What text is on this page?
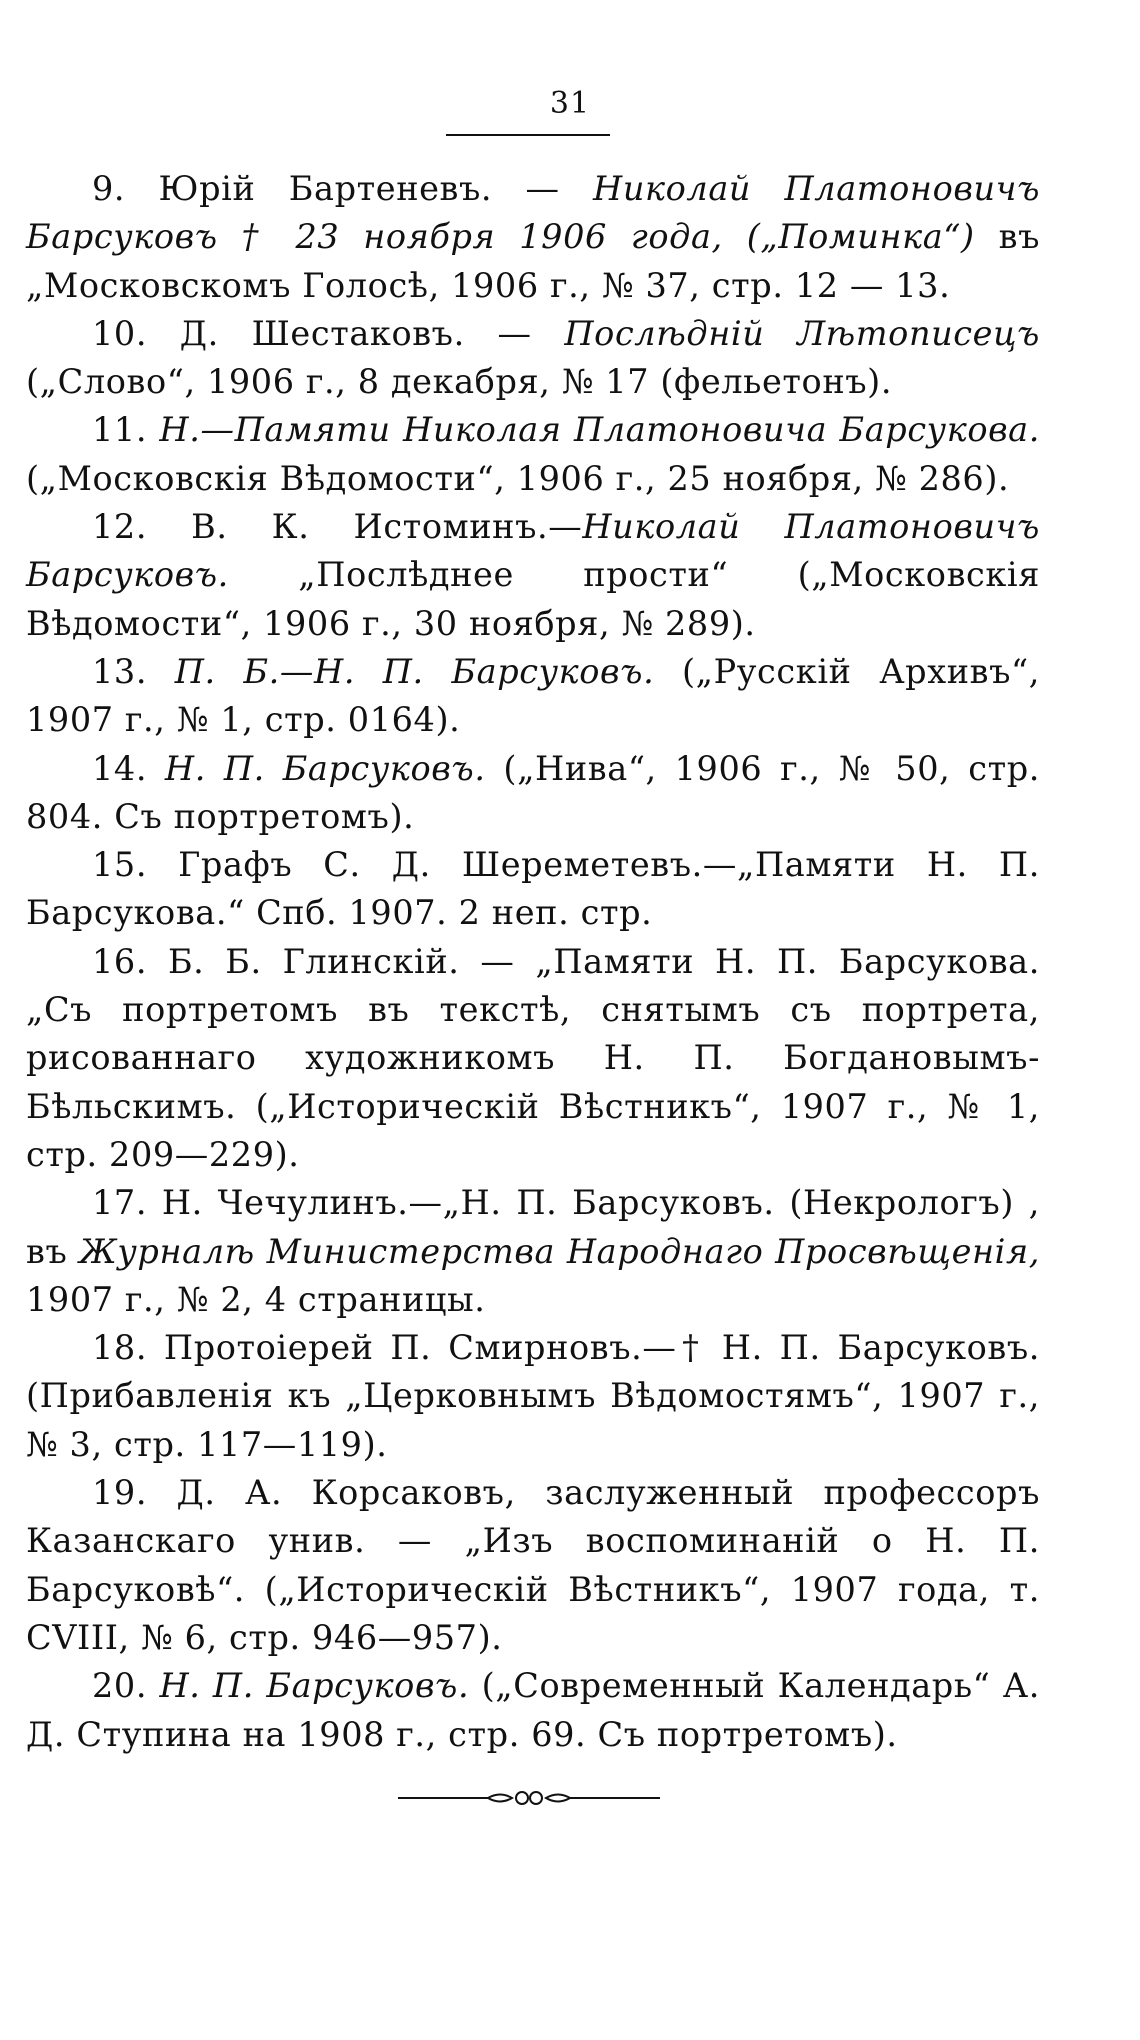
31

9. Юрій Бартеневъ. — Николай Платоновичъ Барсуковъ † 23 ноября 1906 года, („Поминка“) въ „Московскомъ Голосѣ, 1906 г., № 37, стр. 12 — 13.

10. Д. Шестаковъ. — Послѣдній Лѣтописецъ („Слово“, 1906 г., 8 декабря, № 17 (фельетонъ).

11. Н.—Памяти Николая Платоновича Барсукова. („Московскія Вѣдомости“, 1906 г., 25 ноября, № 286).

12. В. К. Истоминъ.—Николай Платоновичъ Барсуковъ. „Послѣднее прости“ („Московскія Вѣдомости“, 1906 г., 30 ноября, № 289).

13. П. Б.—Н. П. Барсуковъ. („Русскій Архивъ“, 1907 г., № 1, стр. 0164).

14. Н. П. Барсуковъ. („Нива“, 1906 г., № 50, стр. 804. Съ портретомъ).

15. Графъ С. Д. Шереметевъ.—„Памяти Н. П. Барсукова.“ Спб. 1907. 2 неп. стр.

16. Б. Б. Глинскій. — „Памяти Н. П. Барсукова. „Съ портретомъ въ текстѣ, снятымъ съ портрета, рисованнаго художникомъ Н. П. Богдановымъ-Бѣльскимъ. („Историческій Вѣстникъ“, 1907 г., № 1, стр. 209—229).

17. Н. Чечулинъ.—„Н. П. Барсуковъ. (Некрологъ) , въ Журналѣ Министерства Народнаго Просвѣщенія, 1907 г., № 2, 4 страницы.

18. Протоіерей П. Смирновъ.—† Н. П. Барсуковъ. (Прибавленія къ „Церковнымъ Вѣдомостямъ“, 1907 г., № 3, стр. 117—119).

19. Д. А. Корсаковъ, заслуженный профессоръ Казанскаго унив. — „Изъ воспоминаній о Н. П. Барсуковѣ“. („Историческій Вѣстникъ“, 1907 года, т. CVIII, № 6, стр. 946—957).

20. Н. П. Барсуковъ. („Современный Календарь“ А. Д. Ступина на 1908 г., стр. 69. Съ портретомъ).
